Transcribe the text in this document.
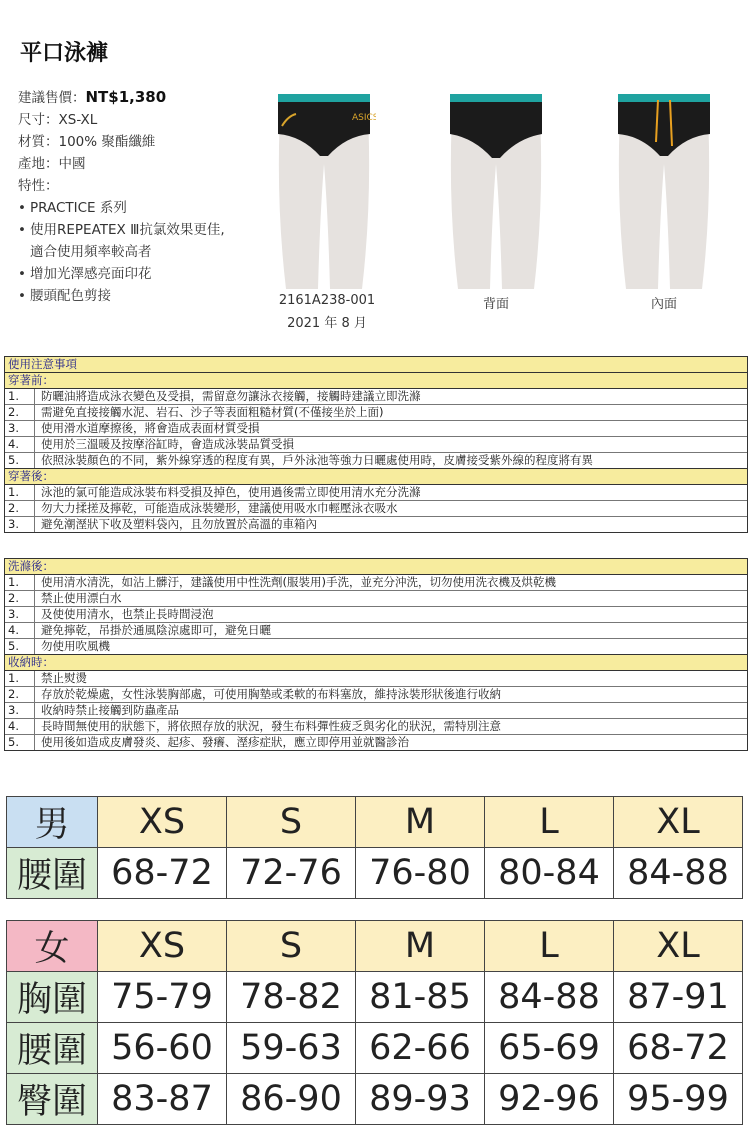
平口泳褲
建議售價：NT$1,380
尺寸：XS-XL
材質：100% 聚酯纖維
產地：中國
特性：
• PRACTICE 系列
• 使用REPEATEX Ⅲ抗氯效果更佳,
適合使用頻率較高者
• 增加光澤感亮面印花
• 腰頭配色剪接
ASICS
2161A238-001
2021 年 8 月
背面	內面
使用注意事項
穿著前：
1.	防曬油將造成泳衣變色及受損，需留意勿讓泳衣接觸，接觸時建議立即洗滌
2.	需避免直接接觸水泥、岩石、沙子等表面粗糙材質(不僅接坐於上面)
3.	使用滑水道摩擦後，將會造成表面材質受損
4.	使用於三溫暖及按摩浴缸時，會造成泳裝品質受損
5.	依照泳裝顏色的不同，紫外線穿透的程度有異，戶外泳池等強力日曬處使用時，皮膚接受紫外線的程度將有異
穿著後：
1.	泳池的氯可能造成泳裝布料受損及掉色，使用過後需立即使用清水充分洗滌
2.	勿大力揉搓及擰乾，可能造成泳裝變形，建議使用吸水巾輕壓泳衣吸水
3.	避免潮溼狀下收及塑料袋內，且勿放置於高溫的車箱內
洗滌後：
1.	使用清水清洗，如沾上髒汙，建議使用中性洗劑(服裝用)手洗，並充分沖洗，切勿使用洗衣機及烘乾機
2.	禁止使用漂白水
3.	及使使用清水，也禁止長時間浸泡
4.	避免擰乾，吊掛於通風陰涼處即可，避免日曬
5.	勿使用吹風機
收納時：
1.	禁止熨燙
2.	存放於乾燥處，女性泳裝胸部處，可使用胸墊或柔軟的布料塞放，維持泳裝形狀後進行收納
3.	收納時禁止接觸到防蟲產品
4.	長時間無使用的狀態下，將依照存放的狀況，發生布料彈性疲乏與劣化的狀況，需特別注意
5.	使用後如造成皮膚發炎、起疹、發癢、溼疹症狀，應立即停用並就醫診治
男	XS	S	M	L	XL
腰圍	68-72	72-76	76-80	80-84	84-88
女	XS	S	M	L	XL
胸圍	75-79	78-82	81-85	84-88	87-91
腰圍	56-60	59-63	62-66	65-69	68-72
臀圍	83-87	86-90	89-93	92-96	95-99
